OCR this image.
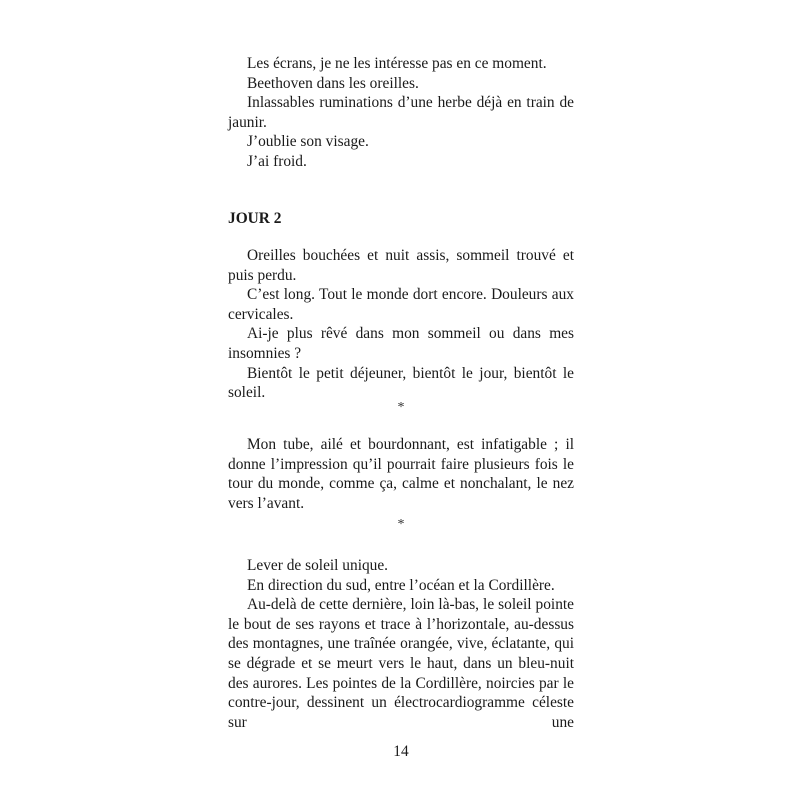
Les écrans, je ne les intéresse pas en ce moment.

Beethoven dans les oreilles.

Inlassables ruminations d’une herbe déjà en train de jaunir.

J’oublie son visage.

J’ai froid.

JOUR 2

Oreilles bouchées et nuit assis, sommeil trouvé et puis perdu.

C’est long. Tout le monde dort encore. Douleurs aux cervicales.

Ai-je plus rêvé dans mon sommeil ou dans mes insomnies ?

Bientôt le petit déjeuner, bientôt le jour, bientôt le soleil.

*

Mon tube, ailé et bourdonnant, est infatigable ; il donne l’impression qu’il pourrait faire plusieurs fois le tour du monde, comme ça, calme et nonchalant, le nez vers l’avant.

*

Lever de soleil unique.

En direction du sud, entre l’océan et la Cordillère.

Au-delà de cette dernière, loin là-bas, le soleil pointe le bout de ses rayons et trace à l’horizontale, au-dessus des montagnes, une traînée orangée, vive, éclatante, qui se dégrade et se meurt vers le haut, dans un bleu-nuit des aurores. Les pointes de la Cordillère, noircies par le contre-jour, dessinent un électrocardiogramme céleste sur une

14
